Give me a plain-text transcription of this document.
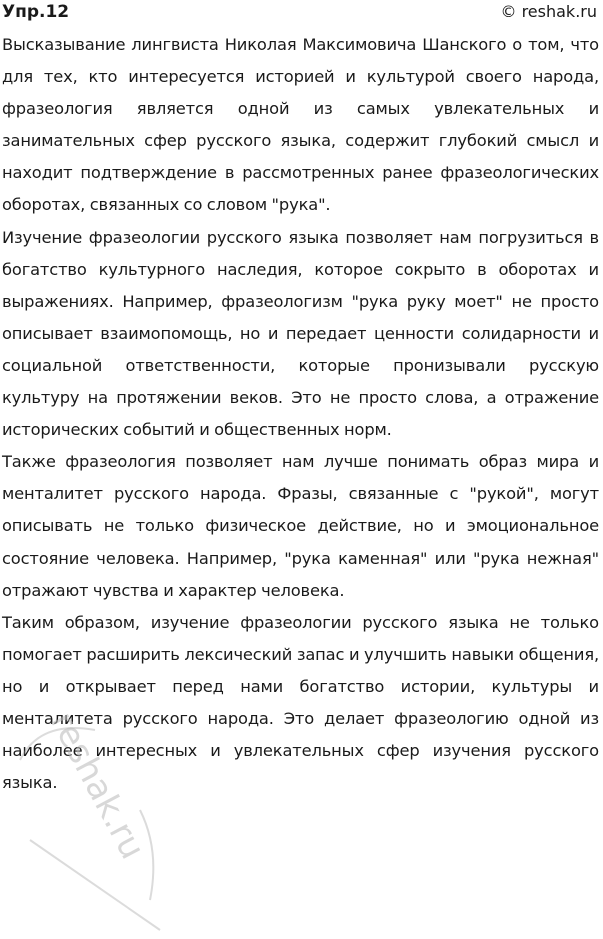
Упр.12	© reshak.ru

Высказывание лингвиста Николая Максимовича Шанского о том, что для тех, кто интересуется историей и культурой своего народа, фразеология является одной из самых увлекательных и занимательных сфер русского языка, содержит глубокий смысл и находит подтверждение в рассмотренных ранее фразеологических оборотах, связанных со словом "рука".

Изучение фразеологии русского языка позволяет нам погрузиться в богатство культурного наследия, которое сокрыто в оборотах и выражениях. Например, фразеологизм "рука руку моет" не просто описывает взаимопомощь, но и передает ценности солидарности и социальной ответственности, которые пронизывали русскую культуру на протяжении веков. Это не просто слова, а отражение исторических событий и общественных норм.

Также фразеология позволяет нам лучше понимать образ мира и менталитет русского народа. Фразы, связанные с "рукой", могут описывать не только физическое действие, но и эмоциональное состояние человека. Например, "рука каменная" или "рука нежная" отражают чувства и характер человека.

Таким образом, изучение фразеологии русского языка не только помогает расширить лексический запас и улучшить навыки общения, но и открывает перед нами богатство истории, культуры и менталитета русского народа. Это делает фразеологию одной из наиболее интересных и увлекательных сфер изучения русского языка.

reshak.ru
